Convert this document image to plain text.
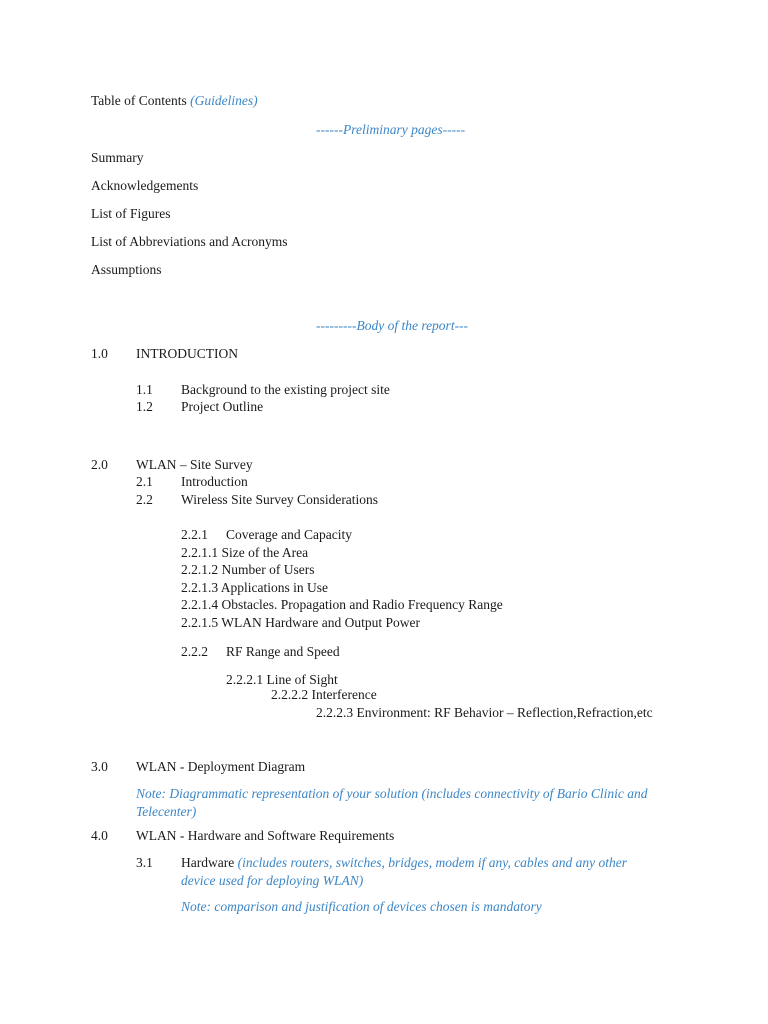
Table of Contents (Guidelines)
------Preliminary pages-----
Summary
Acknowledgements
List of Figures
List of Abbreviations and Acronyms
Assumptions
---------Body of the report---
1.0 INTRODUCTION
1.1 Background to the existing project site
1.2 Project Outline
2.0 WLAN – Site Survey
2.1 Introduction
2.2 Wireless Site Survey Considerations
2.2.1 Coverage and Capacity
2.2.1.1 Size of the Area
2.2.1.2 Number of Users
2.2.1.3 Applications in Use
2.2.1.4 Obstacles. Propagation and Radio Frequency Range
2.2.1.5 WLAN Hardware and Output Power
2.2.2 RF Range and Speed
2.2.2.1 Line of Sight
2.2.2.2 Interference
2.2.2.3 Environment: RF Behavior – Reflection,Refraction,etc
3.0 WLAN - Deployment Diagram
Note: Diagrammatic representation of your solution (includes connectivity of Bario Clinic and Telecenter)
4.0 WLAN - Hardware and Software Requirements
3.1 Hardware (includes routers, switches, bridges, modem if any, cables and any other device used for deploying WLAN)
Note: comparison and justification of devices chosen is mandatory
